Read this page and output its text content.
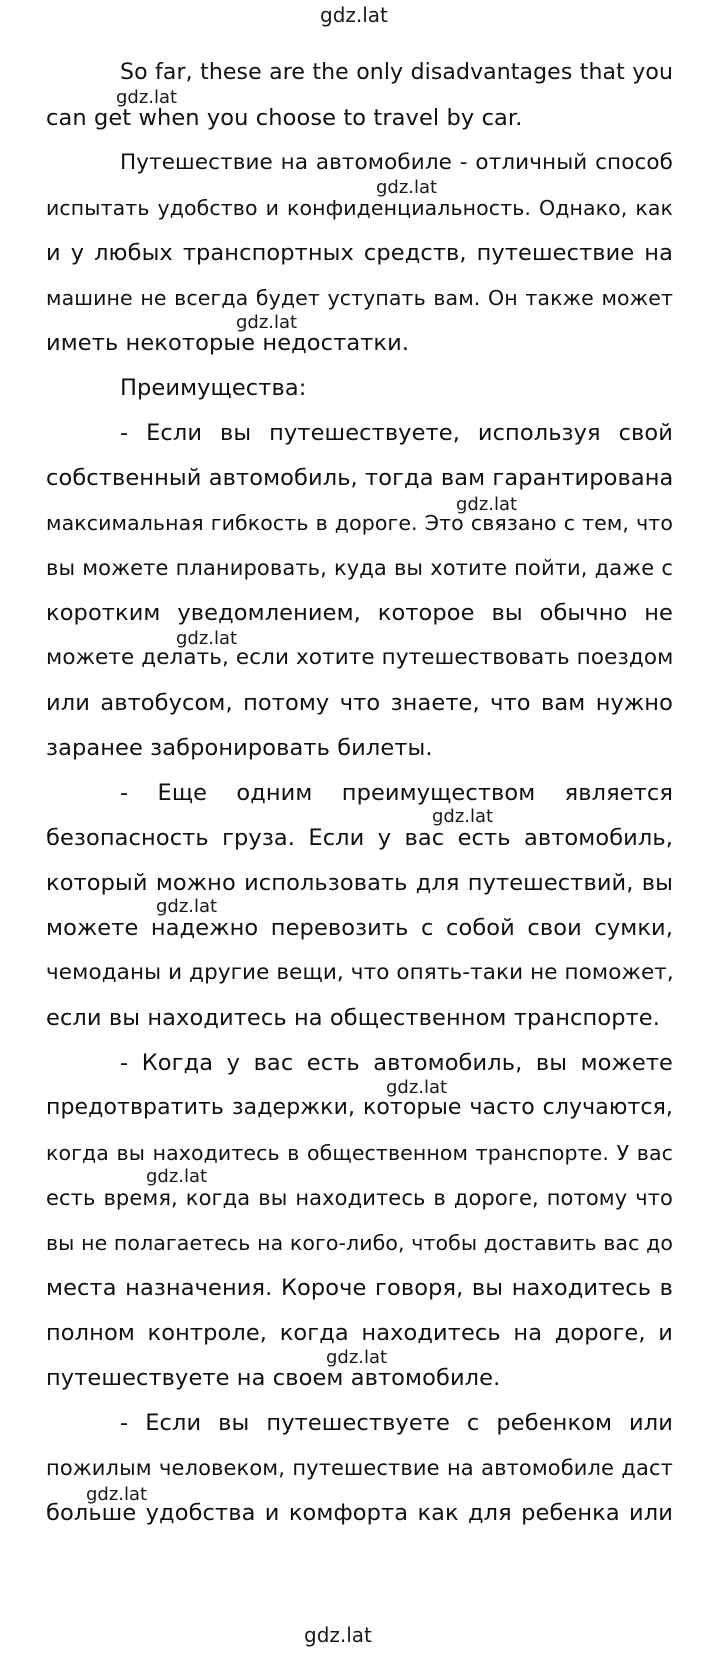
gdz.lat
So far, these are the only disadvantages that you
gdz.lat
can get when you choose to travel by car.
Путешествие на автомобиле - отличный способ
gdz.lat
испытать удобство и конфиденциальность. Однако, как
и у любых транспортных средств, путешествие на
машине не всегда будет уступать вам. Он также может
gdz.lat
иметь некоторые недостатки.
Преимущества:
- Если вы путешествуете, используя свой
собственный автомобиль, тогда вам гарантирована
gdz.lat
максимальная гибкость в дороге. Это связано с тем, что
вы можете планировать, куда вы хотите пойти, даже с
коротким уведомлением, которое вы обычно не
gdz.lat
можете делать, если хотите путешествовать поездом
или автобусом, потому что знаете, что вам нужно
заранее забронировать билеты.
- Еще одним преимуществом является
gdz.lat
безопасность груза. Если у вас есть автомобиль,
который можно использовать для путешествий, вы
gdz.lat
можете надежно перевозить с собой свои сумки,
чемоданы и другие вещи, что опять-таки не поможет,
если вы находитесь на общественном транспорте.
- Когда у вас есть автомобиль, вы можете
gdz.lat
предотвратить задержки, которые часто случаются,
когда вы находитесь в общественном транспорте. У вас
gdz.lat
есть время, когда вы находитесь в дороге, потому что
вы не полагаетесь на кого-либо, чтобы доставить вас до
места назначения. Короче говоря, вы находитесь в
полном контроле, когда находитесь на дороге, и
gdz.lat
путешествуете на своем автомобиле.
- Если вы путешествуете с ребенком или
пожилым человеком, путешествие на автомобиле даст
gdz.lat
больше удобства и комфорта как для ребенка или
gdz.lat
